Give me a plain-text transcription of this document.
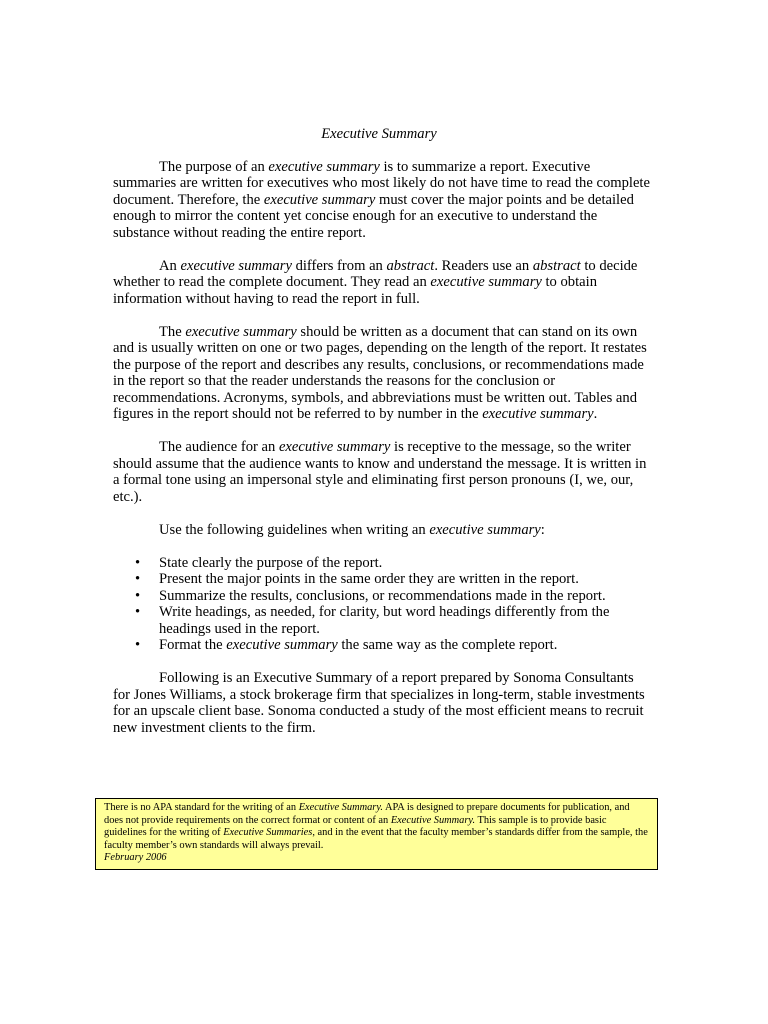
Executive Summary

The purpose of an executive summary is to summarize a report. Executive summaries are written for executives who most likely do not have time to read the complete document. Therefore, the executive summary must cover the major points and be detailed enough to mirror the content yet concise enough for an executive to understand the substance without reading the entire report.

An executive summary differs from an abstract. Readers use an abstract to decide whether to read the complete document. They read an executive summary to obtain information without having to read the report in full.

The executive summary should be written as a document that can stand on its own and is usually written on one or two pages, depending on the length of the report. It restates the purpose of the report and describes any results, conclusions, or recommendations made in the report so that the reader understands the reasons for the conclusion or recommendations. Acronyms, symbols, and abbreviations must be written out. Tables and figures in the report should not be referred to by number in the executive summary.

The audience for an executive summary is receptive to the message, so the writer should assume that the audience wants to know and understand the message. It is written in a formal tone using an impersonal style and eliminating first person pronouns (I, we, our, etc.).

Use the following guidelines when writing an executive summary:

• State clearly the purpose of the report.
• Present the major points in the same order they are written in the report.
• Summarize the results, conclusions, or recommendations made in the report.
• Write headings, as needed, for clarity, but word headings differently from the headings used in the report.
• Format the executive summary the same way as the complete report.

Following is an Executive Summary of a report prepared by Sonoma Consultants for Jones Williams, a stock brokerage firm that specializes in long-term, stable investments for an upscale client base. Sonoma conducted a study of the most efficient means to recruit new investment clients to the firm.

There is no APA standard for the writing of an Executive Summary. APA is designed to prepare documents for publication, and does not provide requirements on the correct format or content of an Executive Summary. This sample is to provide basic guidelines for the writing of Executive Summaries, and in the event that the faculty member’s standards differ from the sample, the faculty member’s own standards will always prevail.
February 2006
